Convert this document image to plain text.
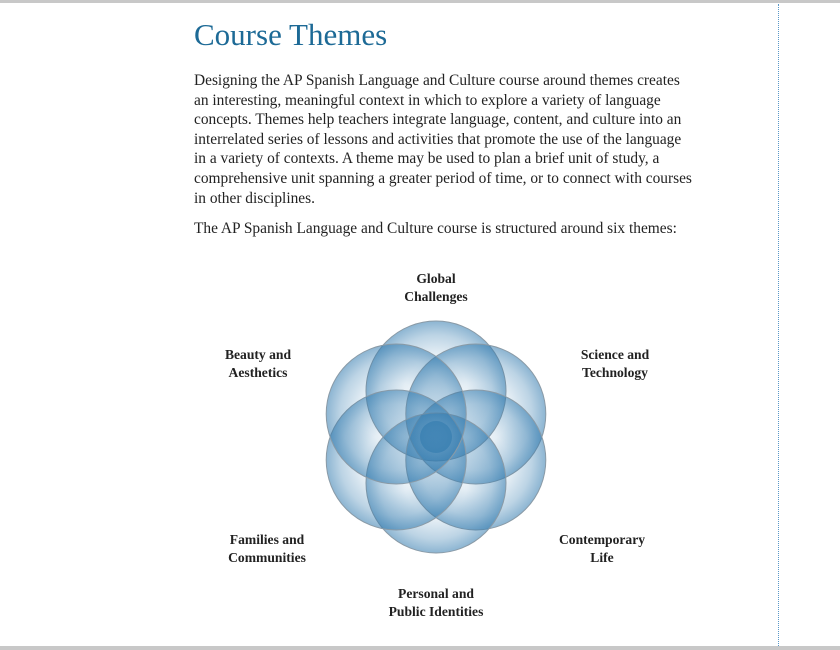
Course Themes

Designing the AP Spanish Language and Culture course around themes creates an interesting, meaningful context in which to explore a variety of language concepts. Themes help teachers integrate language, content, and culture into an interrelated series of lessons and activities that promote the use of the language in a variety of contexts. A theme may be used to plan a brief unit of study, a comprehensive unit spanning a greater period of time, or to connect with courses in other disciplines.

The AP Spanish Language and Culture course is structured around six themes:

Global
Challenges
Science and
Technology
Contemporary
Life
Personal and
Public Identities
Families and
Communities
Beauty and
Aesthetics
